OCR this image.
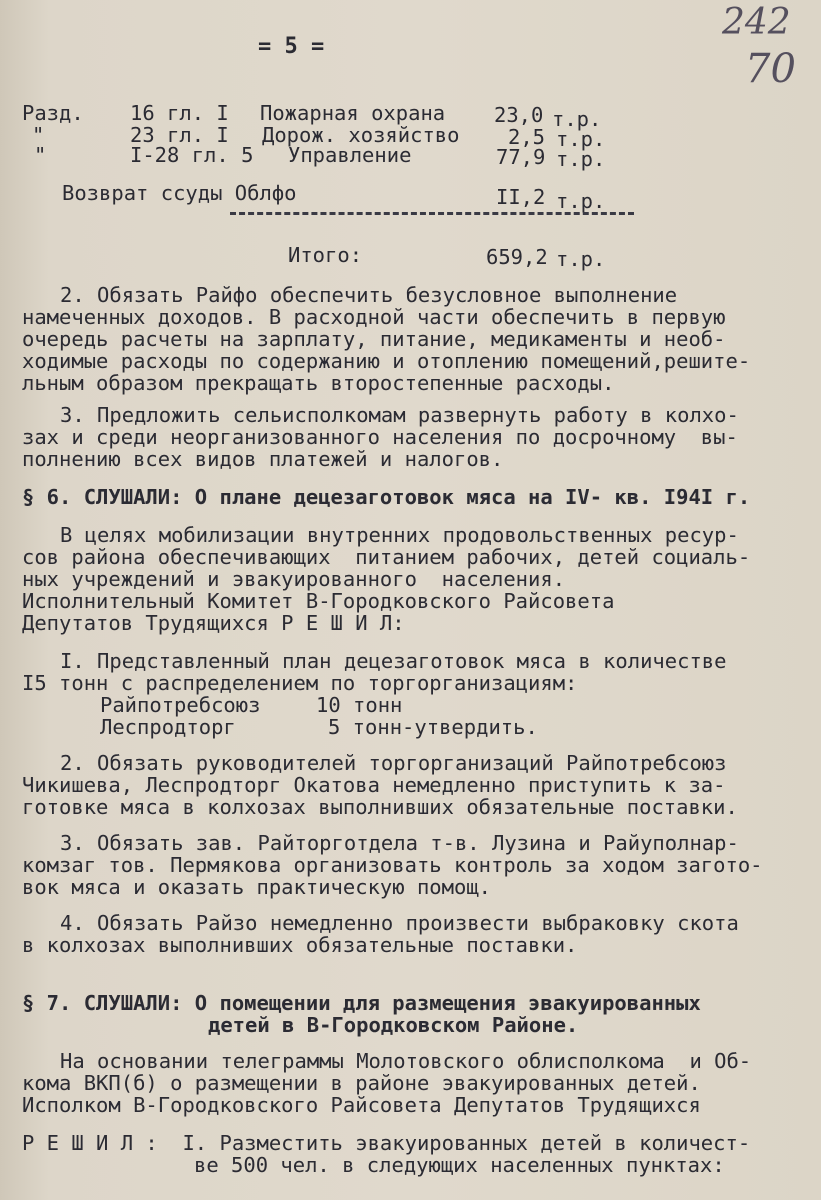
242
70
= 5 =
Разд. 16 гл. I Пожарная охрана 23,0 т.р.
"	23 гл. I Дорож. хозяйство 2,5 т.р.
"	I-28 гл. 5 Управление	77,9 т.р.
Возврат ссуды Облфо	II,2 т.р.
Итого:	659,2 т.р.
2. Обязать Райфо обеспечить безусловное выполнение
намеченных доходов. В расходной части обеспечить в первую
очередь расчеты на зарплату, питание, медикаменты и необ-
ходимые расходы по содержанию и отоплению помещений,решите-
льным образом прекращать второстепенные расходы.
3. Предложить сельисполкомам развернуть работу в колхо-
зах и среди неорганизованного населения по досрочному  вы-
полнению всех видов платежей и налогов.
§ 6. СЛУШАЛИ: О плане децезаготовок мяса на IV- кв. I94I г.
В целях мобилизации внутренних продовольственных ресур-
сов района обеспечивающих  питанием рабочих, детей социаль-
ных учреждений и эвакуированного  населения.
Исполнительный Комитет В-Городковского Райсовета
Депутатов Трудящихся Р Е Ш И Л:
I. Представленный план децезаготовок мяса в количестве
I5 тонн с распределением по торгорганизациям:
Райпотребсоюз	10 тонн
Леспродторг	5 тонн-утвердить.
2. Обязать руководителей торгорганизаций Райпотребсоюз
Чикишева, Леспродторг Окатова немедленно приступить к за-
готовке мяса в колхозах выполнивших обязательные поставки.
3. Обязать зав. Райторготдела т-в. Лузина и Райуполнар-
комзаг тов. Пермякова организовать контроль за ходом загото-
вок мяса и оказать практическую помощ.
4. Обязать Райзо немедленно произвести выбраковку скота
в колхозах выполнивших обязательные поставки.
§ 7. СЛУШАЛИ: О помещении для размещения эвакуированных
детей в В-Городковском Районе.
На основании телеграммы Молотовского облисполкома  и Об-
кома ВКП(б) о размещении в районе эвакуированных детей.
Исполком В-Городковского Райсовета Депутатов Трудящихся
Р Е Ш И Л :  I. Разместить эвакуированных детей в количест-
ве 500 чел. в следующих населенных пунктах:
